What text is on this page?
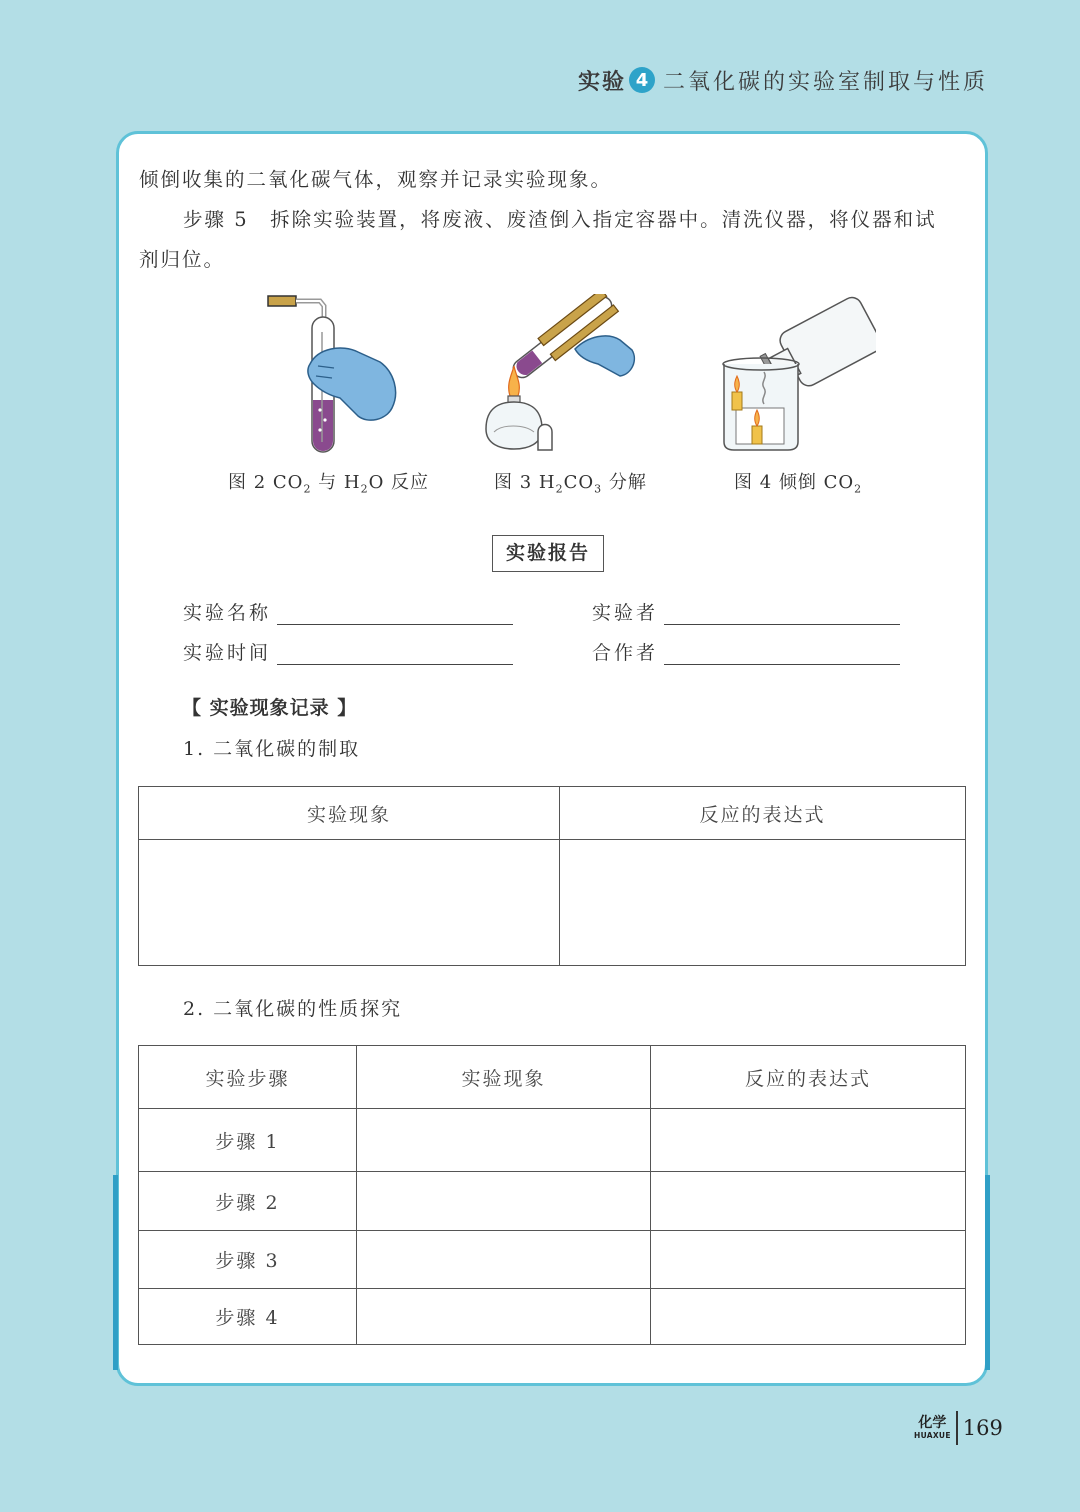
实验 4 二氧化碳的实验室制取与性质
倾倒收集的二氧化碳气体，观察并记录实验现象。
步骤 5　拆除实验装置，将废液、废渣倒入指定容器中。清洗仪器，将仪器和试
剂归位。
图 2 $CO_2$ 与 $H_2O$ 反应	图 3 $H_2CO_3$ 分解	图 4 倾倒 $CO_2$
实验报告
实验名称	实验者
实验时间	合作者
【 实验现象记录 】
1. 二氧化碳的制取
实验现象	反应的表达式

2. 二氧化碳的性质探究
实验步骤	实验现象	反应的表达式
步骤 1		
步骤 2		
步骤 3		
步骤 4		
化学
HUAXUE 169
